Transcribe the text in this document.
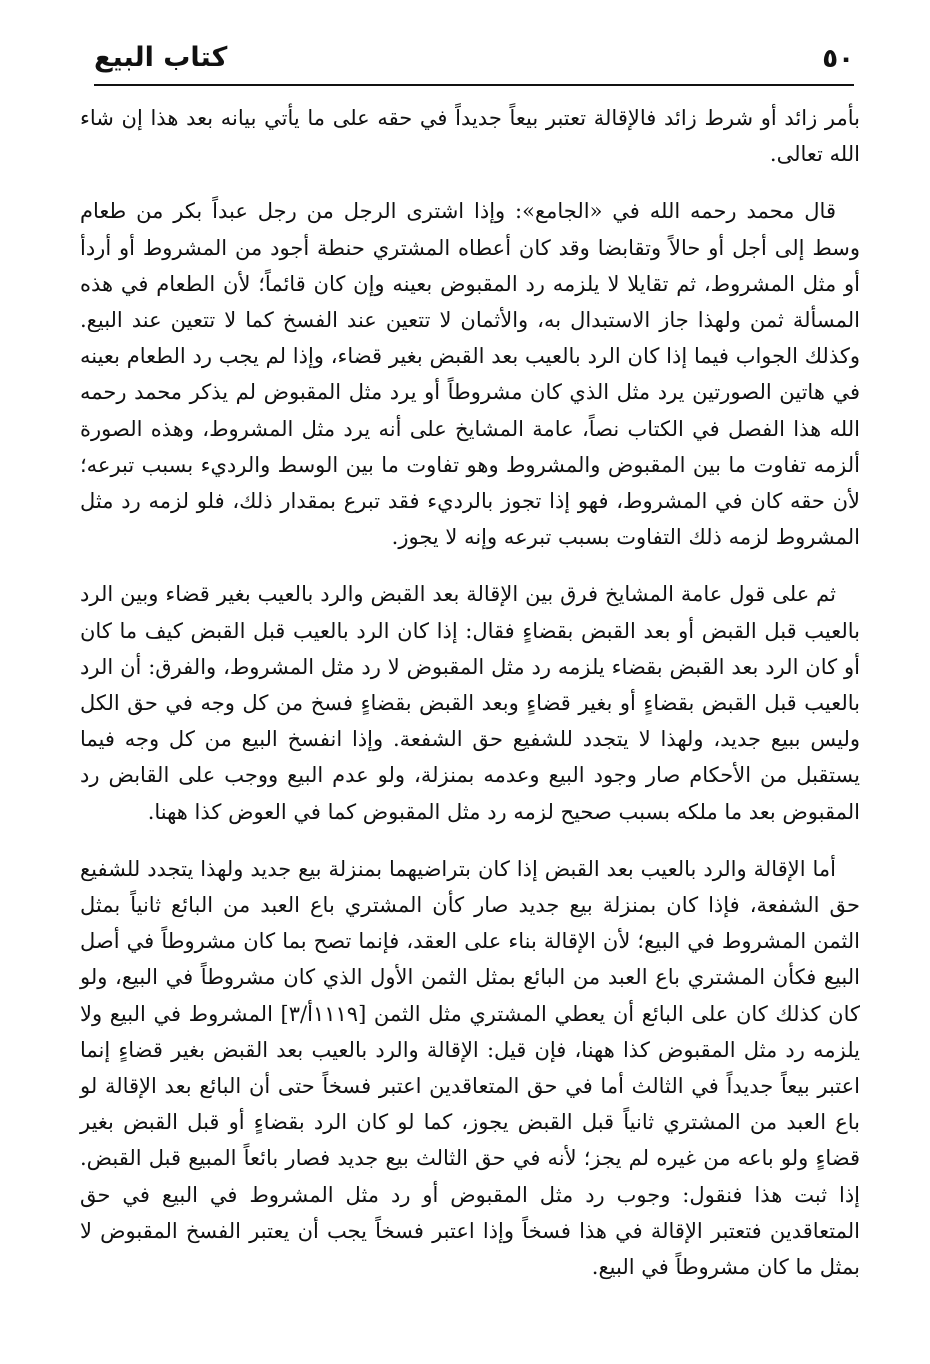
كتاب البيع	٥٠

بأمر زائد أو شرط زائد فالإقالة تعتبر بيعاً جديداً في حقه على ما يأتي بيانه بعد هذا إن شاء الله تعالى.

قال محمد رحمه الله في «الجامع»: وإذا اشترى الرجل من رجل عبداً بكر من طعام وسط إلى أجل أو حالاً وتقابضا وقد كان أعطاه المشتري حنطة أجود من المشروط أو أردأ أو مثل المشروط، ثم تقايلا لا يلزمه رد المقبوض بعينه وإن كان قائماً؛ لأن الطعام في هذه المسألة ثمن ولهذا جاز الاستبدال به، والأثمان لا تتعين عند الفسخ كما لا تتعين عند البيع. وكذلك الجواب فيما إذا كان الرد بالعيب بعد القبض بغير قضاء، وإذا لم يجب رد الطعام بعينه في هاتين الصورتين يرد مثل الذي كان مشروطاً أو يرد مثل المقبوض لم يذكر محمد رحمه الله هذا الفصل في الكتاب نصاً، عامة المشايخ على أنه يرد مثل المشروط، وهذه الصورة ألزمه تفاوت ما بين المقبوض والمشروط وهو تفاوت ما بين الوسط والرديء بسبب تبرعه؛ لأن حقه كان في المشروط، فهو إذا تجوز بالرديء فقد تبرع بمقدار ذلك، فلو لزمه رد مثل المشروط لزمه ذلك التفاوت بسبب تبرعه وإنه لا يجوز.

ثم على قول عامة المشايخ فرق بين الإقالة بعد القبض والرد بالعيب بغير قضاء وبين الرد بالعيب قبل القبض أو بعد القبض بقضاءٍ فقال: إذا كان الرد بالعيب قبل القبض كيف ما كان أو كان الرد بعد القبض بقضاء يلزمه رد مثل المقبوض لا رد مثل المشروط، والفرق: أن الرد بالعيب قبل القبض بقضاءٍ أو بغير قضاءٍ وبعد القبض بقضاءٍ فسخ من كل وجه في حق الكل وليس ببيع جديد، ولهذا لا يتجدد للشفيع حق الشفعة. وإذا انفسخ البيع من كل وجه فيما يستقبل من الأحكام صار وجود البيع وعدمه بمنزلة، ولو عدم البيع ووجب على القابض رد المقبوض بعد ما ملكه بسبب صحيح لزمه رد مثل المقبوض كما في العوض كذا ههنا.

أما الإقالة والرد بالعيب بعد القبض إذا كان بتراضيهما بمنزلة بيع جديد ولهذا يتجدد للشفيع حق الشفعة، فإذا كان بمنزلة بيع جديد صار كأن المشتري باع العبد من البائع ثانياً بمثل الثمن المشروط في البيع؛ لأن الإقالة بناء على العقد، فإنما تصح بما كان مشروطاً في أصل البيع فكأن المشتري باع العبد من البائع بمثل الثمن الأول الذي كان مشروطاً في البيع، ولو كان كذلك كان على البائع أن يعطي المشتري مثل الثمن [١١١٩أ/٣] المشروط في البيع ولا يلزمه رد مثل المقبوض كذا ههنا، فإن قيل: الإقالة والرد بالعيب بعد القبض بغير قضاءٍ إنما اعتبر بيعاً جديداً في الثالث أما في حق المتعاقدين اعتبر فسخاً حتى أن البائع بعد الإقالة لو باع العبد من المشتري ثانياً قبل القبض يجوز، كما لو كان الرد بقضاءٍ أو قبل القبض بغير قضاءٍ ولو باعه من غيره لم يجز؛ لأنه في حق الثالث بيع جديد فصار بائعاً المبيع قبل القبض. إذا ثبت هذا فنقول: وجوب رد مثل المقبوض أو رد مثل المشروط في البيع في حق المتعاقدين فتعتبر الإقالة في هذا فسخاً وإذا اعتبر فسخاً يجب أن يعتبر الفسخ المقبوض لا بمثل ما كان مشروطاً في البيع.
